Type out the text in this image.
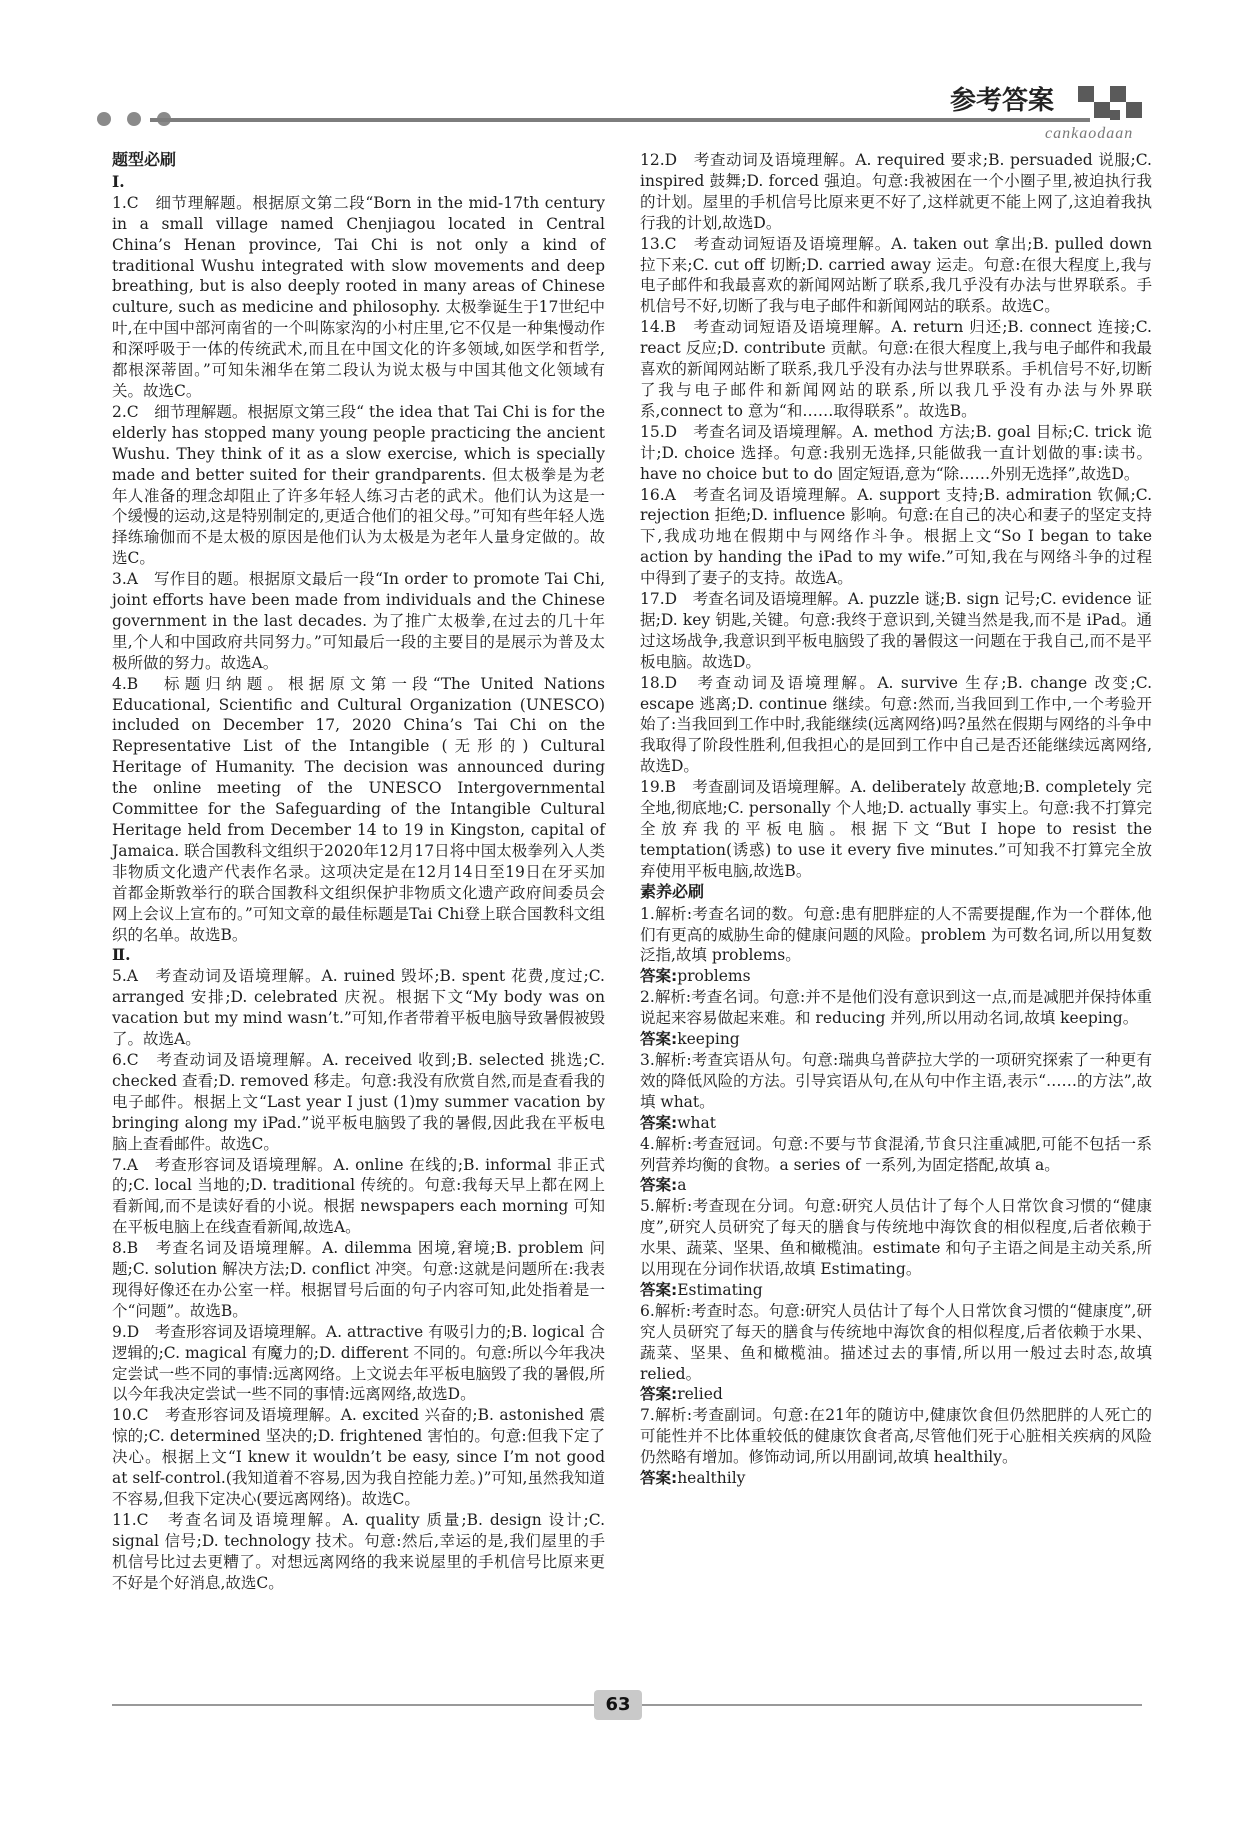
参考答案
cankaodaan
题型必刷
Ⅰ.

1.C　细节理解题。根据原文第二段“Born in the mid-17th century in a small village named Chenjiagou located in Central China’s Henan province, Tai Chi is not only a kind of traditional Wushu integrated with slow movements and deep breathing, but is also deeply rooted in many areas of Chinese culture, such as medicine and philosophy. 太极拳诞生于17世纪中叶,在中国中部河南省的一个叫陈家沟的小村庄里,它不仅是一种集慢动作和深呼吸于一体的传统武术,而且在中国文化的许多领域,如医学和哲学,都根深蒂固。”可知朱湘华在第二段认为说太极与中国其他文化领域有关。故选C。

2.C　细节理解题。根据原文第三段“ the idea that Tai Chi is for the elderly has stopped many young people practicing the ancient Wushu. They think of it as a slow exercise, which is specially made and better suited for their grandparents. 但太极拳是为老年人准备的理念却阻止了许多年轻人练习古老的武术。他们认为这是一个缓慢的运动,这是特别制定的,更适合他们的祖父母。”可知有些年轻人选择练瑜伽而不是太极的原因是他们认为太极是为老年人量身定做的。故选C。

3.A　写作目的题。根据原文最后一段“In order to promote Tai Chi, joint efforts have been made from individuals and the Chinese government in the last decades. 为了推广太极拳,在过去的几十年里,个人和中国政府共同努力。”可知最后一段的主要目的是展示为普及太极所做的努力。故选A。

4.B　标题归纳题。根据原文第一段“The United Nations Educational, Scientific and Cultural Organization (UNESCO) included on December 17, 2020 China’s Tai Chi on the Representative List of the Intangible (无形的) Cultural Heritage of Humanity. The decision was announced during the online meeting of the UNESCO Intergovernmental Committee for the Safeguarding of the Intangible Cultural Heritage held from December 14 to 19 in Kingston, capital of Jamaica. 联合国教科文组织于2020年12月17日将中国太极拳列入人类非物质文化遗产代表作名录。这项决定是在12月14日至19日在牙买加首都金斯敦举行的联合国教科文组织保护非物质文化遗产政府间委员会网上会议上宣布的。”可知文章的最佳标题是Tai Chi登上联合国教科文组织的名单。故选B。

Ⅱ.

5.A　考查动词及语境理解。A. ruined 毁坏;B. spent 花费,度过;C. arranged 安排;D. celebrated 庆祝。根据下文“My body was on vacation but my mind wasn’t.”可知,作者带着平板电脑导致暑假被毁了。故选A。

6.C　考查动词及语境理解。A. received 收到;B. selected 挑选;C. checked 查看;D. removed 移走。句意:我没有欣赏自然,而是查看我的电子邮件。根据上文“Last year I just (1)my summer vacation by bringing along my iPad.”说平板电脑毁了我的暑假,因此我在平板电脑上查看邮件。故选C。

7.A　考查形容词及语境理解。A. online 在线的;B. informal 非正式的;C. local 当地的;D. traditional 传统的。句意:我每天早上都在网上看新闻,而不是读好看的小说。根据 newspapers each morning 可知在平板电脑上在线查看新闻,故选A。

8.B　考查名词及语境理解。A. dilemma 困境,窘境;B. problem 问题;C. solution 解决方法;D. conflict 冲突。句意:这就是问题所在:我表现得好像还在办公室一样。根据冒号后面的句子内容可知,此处指着是一个“问题”。故选B。

9.D　考查形容词及语境理解。A. attractive 有吸引力的;B. logical 合逻辑的;C. magical 有魔力的;D. different 不同的。句意:所以今年我决定尝试一些不同的事情:远离网络。上文说去年平板电脑毁了我的暑假,所以今年我决定尝试一些不同的事情:远离网络,故选D。

10.C　考查形容词及语境理解。A. excited 兴奋的;B. astonished 震惊的;C. determined 坚决的;D. frightened 害怕的。句意:但我下定了决心。根据上文“I knew it wouldn’t be easy, since I’m not good at self-control.(我知道着不容易,因为我自控能力差。)”可知,虽然我知道不容易,但我下定决心(要远离网络)。故选C。

11.C　考查名词及语境理解。A. quality 质量;B. design 设计;C. signal 信号;D. technology 技术。句意:然后,幸运的是,我们屋里的手机信号比过去更糟了。对想远离网络的我来说屋里的手机信号比原来更不好是个好消息,故选C。

12.D　考查动词及语境理解。A. required 要求;B. persuaded 说服;C. inspired 鼓舞;D. forced 强迫。句意:我被困在一个小圈子里,被迫执行我的计划。屋里的手机信号比原来更不好了,这样就更不能上网了,这迫着我执行我的计划,故选D。

13.C　考查动词短语及语境理解。A. taken out 拿出;B. pulled down 拉下来;C. cut off 切断;D. carried away 运走。句意:在很大程度上,我与电子邮件和我最喜欢的新闻网站断了联系,我几乎没有办法与世界联系。手机信号不好,切断了我与电子邮件和新闻网站的联系。故选C。

14.B　考查动词短语及语境理解。A. return 归还;B. connect 连接;C. react 反应;D. contribute 贡献。句意:在很大程度上,我与电子邮件和我最喜欢的新闻网站断了联系,我几乎没有办法与世界联系。手机信号不好,切断了我与电子邮件和新闻网站的联系,所以我几乎没有办法与外界联系,connect to 意为“和……取得联系”。故选B。

15.D　考查名词及语境理解。A. method 方法;B. goal 目标;C. trick 诡计;D. choice 选择。句意:我别无选择,只能做我一直计划做的事:读书。have no choice but to do 固定短语,意为“除……外别无选择”,故选D。

16.A　考查名词及语境理解。A. support 支持;B. admiration 钦佩;C. rejection 拒绝;D. influence 影响。句意:在自己的决心和妻子的坚定支持下,我成功地在假期中与网络作斗争。根据上文“So I began to take action by handing the iPad to my wife.”可知,我在与网络斗争的过程中得到了妻子的支持。故选A。

17.D　考查名词及语境理解。A. puzzle 谜;B. sign 记号;C. evidence 证据;D. key 钥匙,关键。句意:我终于意识到,关键当然是我,而不是 iPad。通过这场战争,我意识到平板电脑毁了我的暑假这一问题在于我自己,而不是平板电脑。故选D。

18.D　考查动词及语境理解。A. survive 生存;B. change 改变;C. escape 逃离;D. continue 继续。句意:然而,当我回到工作中,一个考验开始了:当我回到工作中时,我能继续(远离网络)吗?虽然在假期与网络的斗争中我取得了阶段性胜利,但我担心的是回到工作中自己是否还能继续远离网络,故选D。

19.B　考查副词及语境理解。A. deliberately 故意地;B. completely 完全地,彻底地;C. personally 个人地;D. actually 事实上。句意:我不打算完全放弃我的平板电脑。根据下文“But I hope to resist the temptation(诱惑) to use it every five minutes.”可知我不打算完全放弃使用平板电脑,故选B。

素养必刷

1.解析:考查名词的数。句意:患有肥胖症的人不需要提醒,作为一个群体,他们有更高的威胁生命的健康问题的风险。problem 为可数名词,所以用复数泛指,故填 problems。

答案:problems

2.解析:考查名词。句意:并不是他们没有意识到这一点,而是减肥并保持体重说起来容易做起来难。和 reducing 并列,所以用动名词,故填 keeping。

答案:keeping

3.解析:考查宾语从句。句意:瑞典乌普萨拉大学的一项研究探索了一种更有效的降低风险的方法。引导宾语从句,在从句中作主语,表示“……的方法”,故填 what。

答案:what

4.解析:考查冠词。句意:不要与节食混淆,节食只注重减肥,可能不包括一系列营养均衡的食物。a series of 一系列,为固定搭配,故填 a。

答案:a

5.解析:考查现在分词。句意:研究人员估计了每个人日常饮食习惯的“健康度”,研究人员研究了每天的膳食与传统地中海饮食的相似程度,后者依赖于水果、蔬菜、坚果、鱼和橄榄油。estimate 和句子主语之间是主动关系,所以用现在分词作状语,故填 Estimating。

答案:Estimating

6.解析:考查时态。句意:研究人员估计了每个人日常饮食习惯的“健康度”,研究人员研究了每天的膳食与传统地中海饮食的相似程度,后者依赖于水果、蔬菜、坚果、鱼和橄榄油。描述过去的事情,所以用一般过去时态,故填 relied。

答案:relied

7.解析:考查副词。句意:在21年的随访中,健康饮食但仍然肥胖的人死亡的可能性并不比体重较低的健康饮食者高,尽管他们死于心脏相关疾病的风险仍然略有增加。修饰动词,所以用副词,故填 healthily。

答案:healthily

63
